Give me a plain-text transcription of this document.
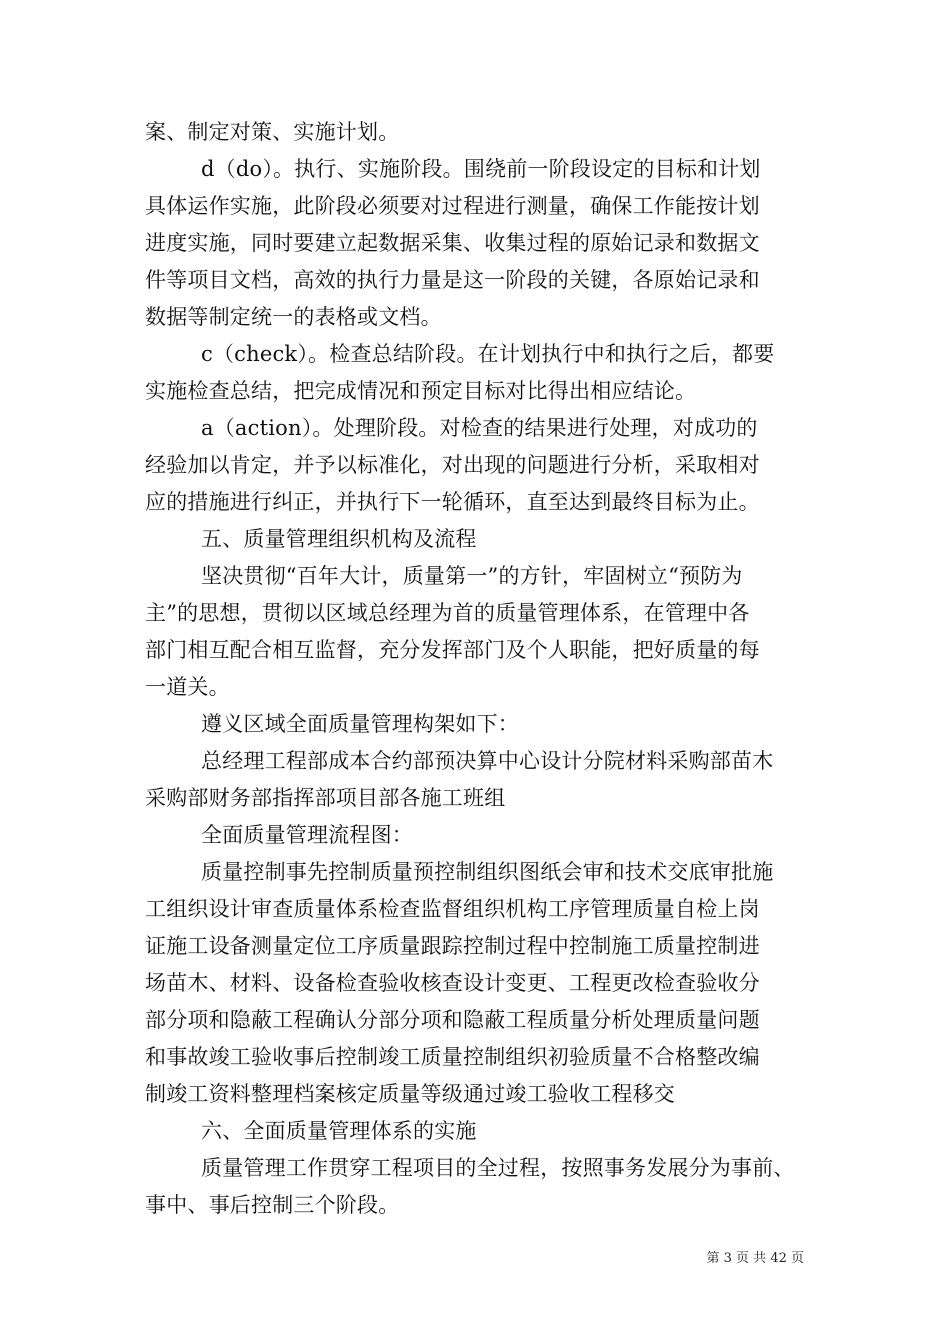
案、制定对策、实施计划。
d（do）。执行、实施阶段。围绕前一阶段设定的目标和计划
具体运作实施，此阶段必须要对过程进行测量，确保工作能按计划
进度实施，同时要建立起数据采集、收集过程的原始记录和数据文
件等项目文档，高效的执行力量是这一阶段的关键，各原始记录和
数据等制定统一的表格或文档。
c（check）。检查总结阶段。在计划执行中和执行之后，都要
实施检查总结，把完成情况和预定目标对比得出相应结论。
a（action）。处理阶段。对检查的结果进行处理，对成功的
经验加以肯定，并予以标准化，对出现的问题进行分析，采取相对
应的措施进行纠正，并执行下一轮循环，直至达到最终目标为止。
五、质量管理组织机构及流程
坚决贯彻“百年大计，质量第一”的方针，牢固树立“预防为
主”的思想，贯彻以区域总经理为首的质量管理体系，在管理中各
部门相互配合相互监督，充分发挥部门及个人职能，把好质量的每
一道关。
遵义区域全面质量管理构架如下：
总经理工程部成本合约部预决算中心设计分院材料采购部苗木
采购部财务部指挥部项目部各施工班组
全面质量管理流程图：
质量控制事先控制质量预控制组织图纸会审和技术交底审批施
工组织设计审查质量体系检查监督组织机构工序管理质量自检上岗
证施工设备测量定位工序质量跟踪控制过程中控制施工质量控制进
场苗木、材料、设备检查验收核查设计变更、工程更改检查验收分
部分项和隐蔽工程确认分部分项和隐蔽工程质量分析处理质量问题
和事故竣工验收事后控制竣工质量控制组织初验质量不合格整改编
制竣工资料整理档案核定质量等级通过竣工验收工程移交
六、全面质量管理体系的实施
质量管理工作贯穿工程项目的全过程，按照事务发展分为事前、
事中、事后控制三个阶段。
第 3 页 共 42 页
